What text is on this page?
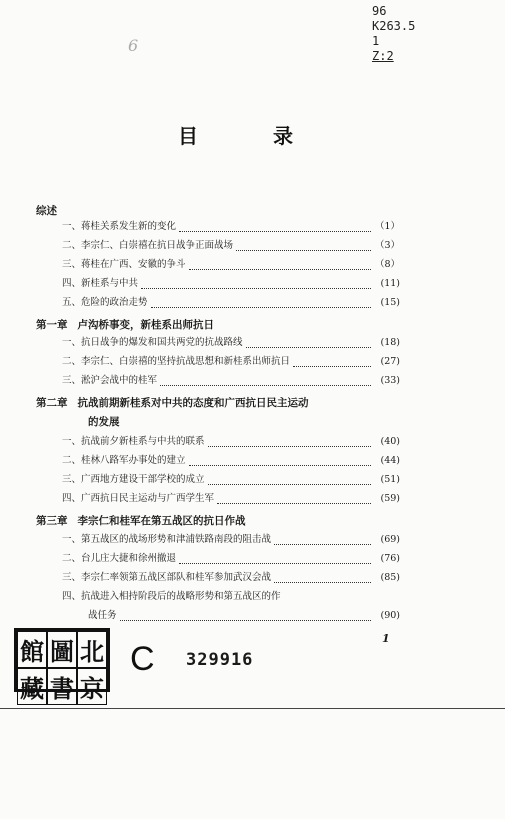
96
K263.5
1
Z:2
6
目 录
综述
一、蒋桂关系发生新的变化	（1）
二、李宗仁、白崇禧在抗日战争正面战场	（3）
三、蒋桂在广西、安徽的争斗	（8）
四、新桂系与中共	(11)
五、危险的政治走势	(15)
第一章 卢沟桥事变，新桂系出师抗日
一、抗日战争的爆发和国共两党的抗战路线	(18)
二、李宗仁、白崇禧的坚持抗战思想和新桂系出师抗日	(27)
三、淞沪会战中的桂军	(33)
第二章 抗战前期新桂系对中共的态度和广西抗日民主运动
的发展
一、抗战前夕新桂系与中共的联系	(40)
二、桂林八路军办事处的建立	(44)
三、广西地方建设干部学校的成立	(51)
四、广西抗日民主运动与广西学生军	(59)
第三章 李宗仁和桂军在第五战区的抗日作战
一、第五战区的战场形势和津浦铁路南段的阻击战	(69)
二、台儿庄大捷和徐州撤退	(76)
三、李宗仁率领第五战区部队和桂军参加武汉会战	(85)
四、抗战进入相持阶段后的战略形势和第五战区的作
战任务	(90)
1
館 圖 北
藏 書 京
C 329916
